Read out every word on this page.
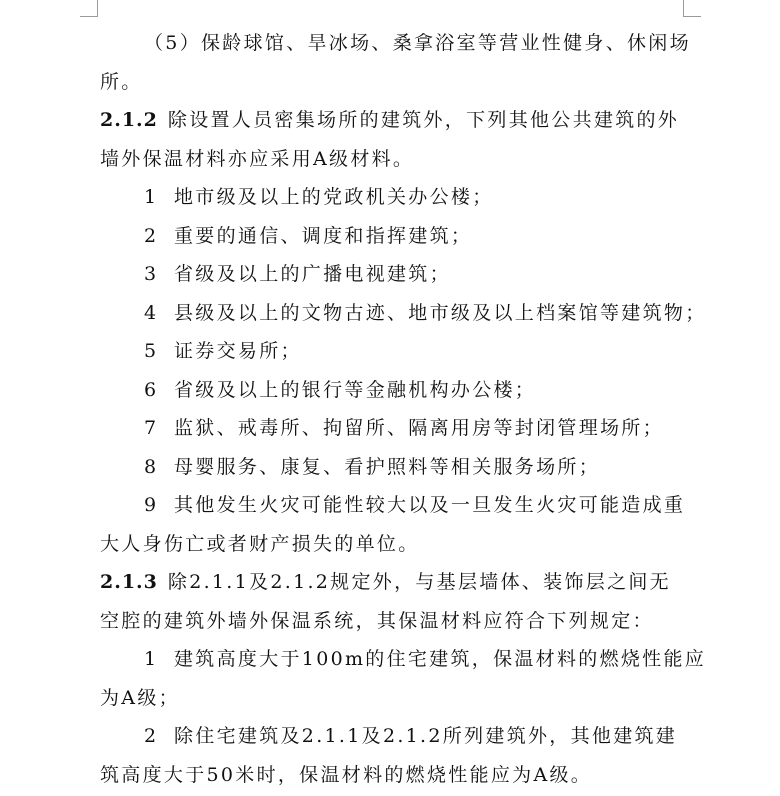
（5）保龄球馆、旱冰场、桑拿浴室等营业性健身、休闲场
所。
2.1.2 除设置人员密集场所的建筑外，下列其他公共建筑的外
墙外保温材料亦应采用A级材料。
1 地市级及以上的党政机关办公楼；
2 重要的通信、调度和指挥建筑；
3 省级及以上的广播电视建筑；
4 县级及以上的文物古迹、地市级及以上档案馆等建筑物；
5 证券交易所；
6 省级及以上的银行等金融机构办公楼；
7 监狱、戒毒所、拘留所、隔离用房等封闭管理场所；
8 母婴服务、康复、看护照料等相关服务场所；
9 其他发生火灾可能性较大以及一旦发生火灾可能造成重
大人身伤亡或者财产损失的单位。
2.1.3 除2.1.1及2.1.2规定外，与基层墙体、装饰层之间无
空腔的建筑外墙外保温系统，其保温材料应符合下列规定：
1 建筑高度大于100m的住宅建筑，保温材料的燃烧性能应
为A级；
2 除住宅建筑及2.1.1及2.1.2所列建筑外，其他建筑建
筑高度大于50米时，保温材料的燃烧性能应为A级。
